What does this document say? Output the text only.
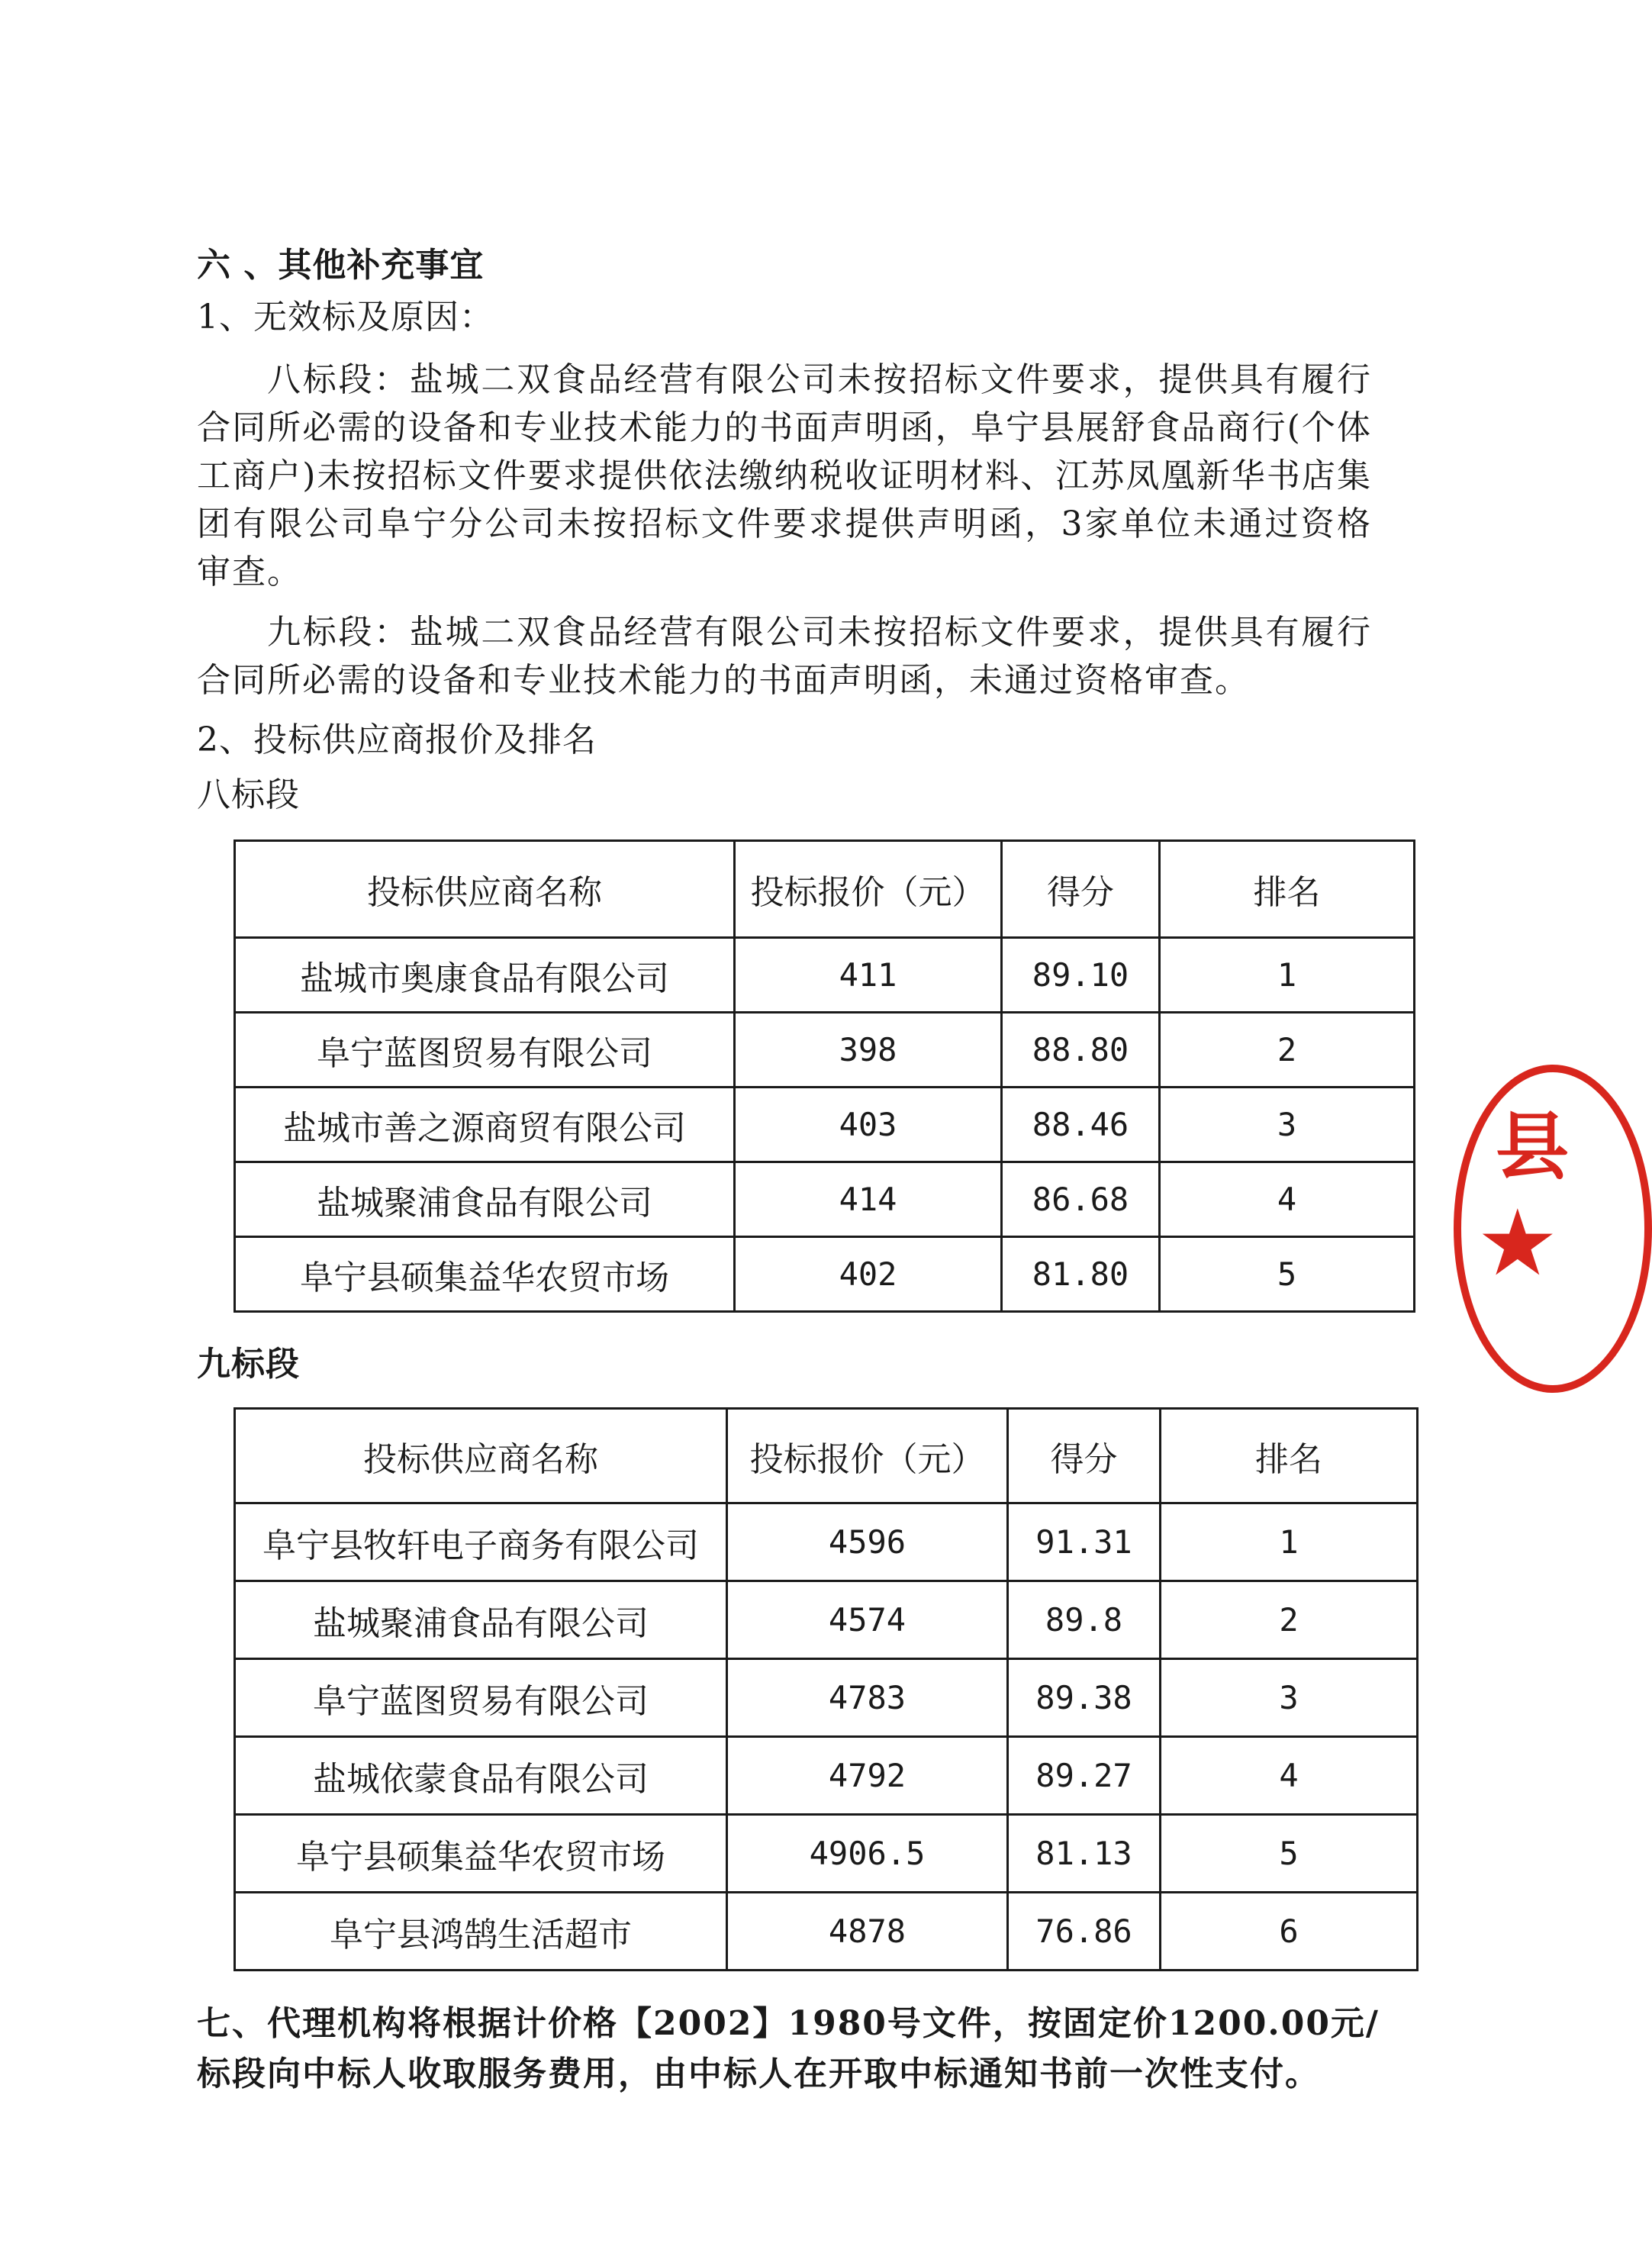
六 、其他补充事宜
1、无效标及原因：
八标段：盐城二双食品经营有限公司未按招标文件要求，提供具有履行合同所必需的设备和专业技术能力的书面声明函，阜宁县展舒食品商行(个体工商户)未按招标文件要求提供依法缴纳税收证明材料、江苏凤凰新华书店集团有限公司阜宁分公司未按招标文件要求提供声明函，3家单位未通过资格审查。
九标段：盐城二双食品经营有限公司未按招标文件要求，提供具有履行合同所必需的设备和专业技术能力的书面声明函，未通过资格审查。
2、投标供应商报价及排名
八标段
投标供应商名称	投标报价（元）	得分	排名
盐城市奥康食品有限公司	411	89.10	1
阜宁蓝图贸易有限公司	398	88.80	2
盐城市善之源商贸有限公司	403	88.46	3
盐城聚浦食品有限公司	414	86.68	4
阜宁县硕集益华农贸市场	402	81.80	5
九标段
投标供应商名称	投标报价（元）	得分	排名
阜宁县牧轩电子商务有限公司	4596	91.31	1
盐城聚浦食品有限公司	4574	89.8	2
阜宁蓝图贸易有限公司	4783	89.38	3
盐城依蒙食品有限公司	4792	89.27	4
阜宁县硕集益华农贸市场	4906.5	81.13	5
阜宁县鸿鹄生活超市	4878	76.86	6
七、代理机构将根据计价格【2002】1980号文件，按固定价1200.00元/
标段向中标人收取服务费用，由中标人在开取中标通知书前一次性支付。
县
★
